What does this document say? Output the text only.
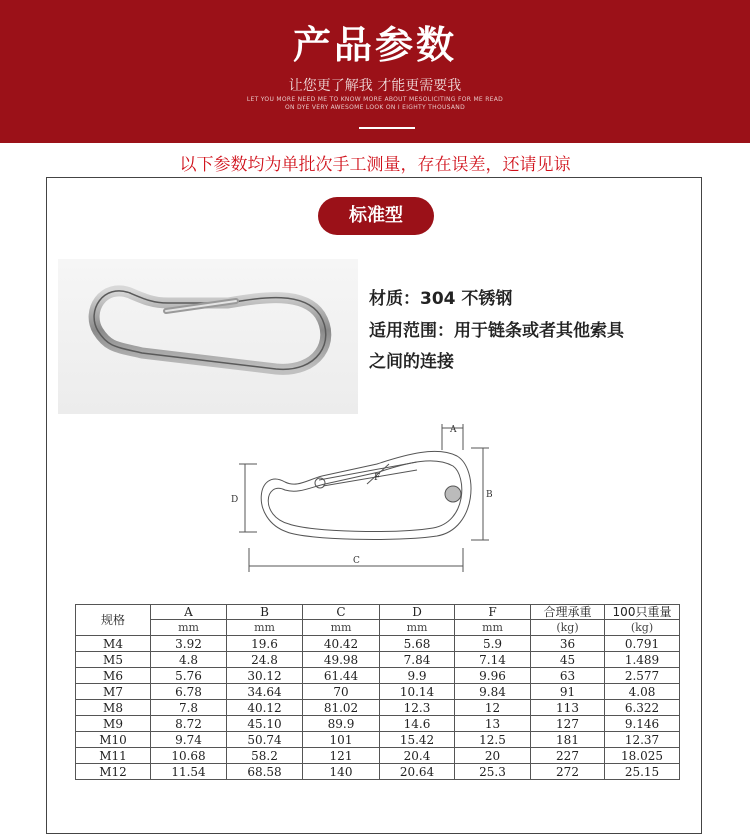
产品参数
让您更了解我 才能更需要我
LET YOU MORE NEED ME TO KNOW MORE ABOUT MESOLICITING FOR ME READ
ON DYE VERY AWESOME LOOK ON I EIGHTY THOUSAND
以下参数均为单批次手工测量，存在误差，还请见谅
标准型
材质：304 不锈钢
适用范围：用于链条或者其他索具
之间的连接
A
B
C
D
F
规格	A	B	C	D	F	合理承重	100只重量
	mm	mm	mm	mm	mm	(kg)	(kg)
M4	3.92	19.6	40.42	5.68	5.9	36	0.791
M5	4.8	24.8	49.98	7.84	7.14	45	1.489
M6	5.76	30.12	61.44	9.9	9.96	63	2.577
M7	6.78	34.64	70	10.14	9.84	91	4.08
M8	7.8	40.12	81.02	12.3	12	113	6.322
M9	8.72	45.10	89.9	14.6	13	127	9.146
M10	9.74	50.74	101	15.42	12.5	181	12.37
M11	10.68	58.2	121	20.4	20	227	18.025
M12	11.54	68.58	140	20.64	25.3	272	25.15
